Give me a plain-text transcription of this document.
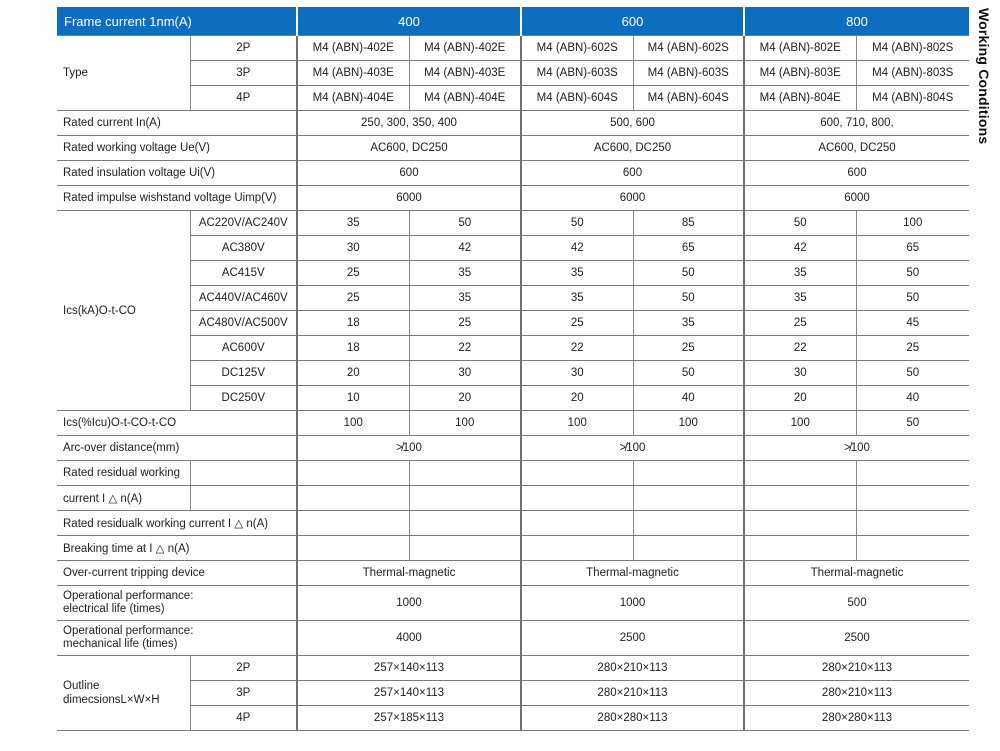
Working Conditions
Frame current 1nm(A)		400		600		800	
Type	2P	M4 (ABN)-402E	M4 (ABN)-402E	M4 (ABN)-602S	M4 (ABN)-602S	M4 (ABN)-802E	M4 (ABN)-802S
	3P	M4 (ABN)-403E	M4 (ABN)-403E	M4 (ABN)-603S	M4 (ABN)-603S	M4 (ABN)-803E	M4 (ABN)-803S
	4P	M4 (ABN)-404E	M4 (ABN)-404E	M4 (ABN)-604S	M4 (ABN)-604S	M4 (ABN)-804E	M4 (ABN)-804S
Rated current In(A)		250, 300, 350, 400		500, 600		600, 710, 800,	
Rated working voltage Ue(V)		AC600, DC250		AC600, DC250		AC600, DC250	
Rated insulation voltage Ui(V)		600		600		600	
Rated impulse wishstand voltage Uimp(V)		6000		6000		6000	
Ics(kA)O-t-CO	AC220V/AC240V	35	50	50	85	50	100
	AC380V	30	42	42	65	42	65
	AC415V	25	35	35	50	35	50
	AC440V/AC460V	25	35	35	50	35	50
	AC480V/AC500V	18	25	25	35	25	45
	AC600V	18	22	22	25	22	25
	DC125V	20	30	30	50	30	50
	DC250V	10	20	20	40	20	40
Ics(%Icu)O-t-CO-t-CO		100	100	100	100	100	50
Arc-over distance(mm)		≯100		≯100		≯100	
Rated residual working							
current I △ n(A)							
Rated residualk working current I △ n(A)							
Breaking time at I △ n(A)							
Over-current tripping device		Thermal-magnetic		Thermal-magnetic		Thermal-magnetic	

Operational performance:
electrical life (times)		1000		1000		500	

Operational performance:
mechanical life (times)		4000		2500		2500	

Outline
dimecsionsL×W×H	2P	257×140×113		280×210×113		280×210×113	
	3P	257×140×113		280×210×113		280×210×113	
	4P	257×185×113		280×280×113		280×280×113	
